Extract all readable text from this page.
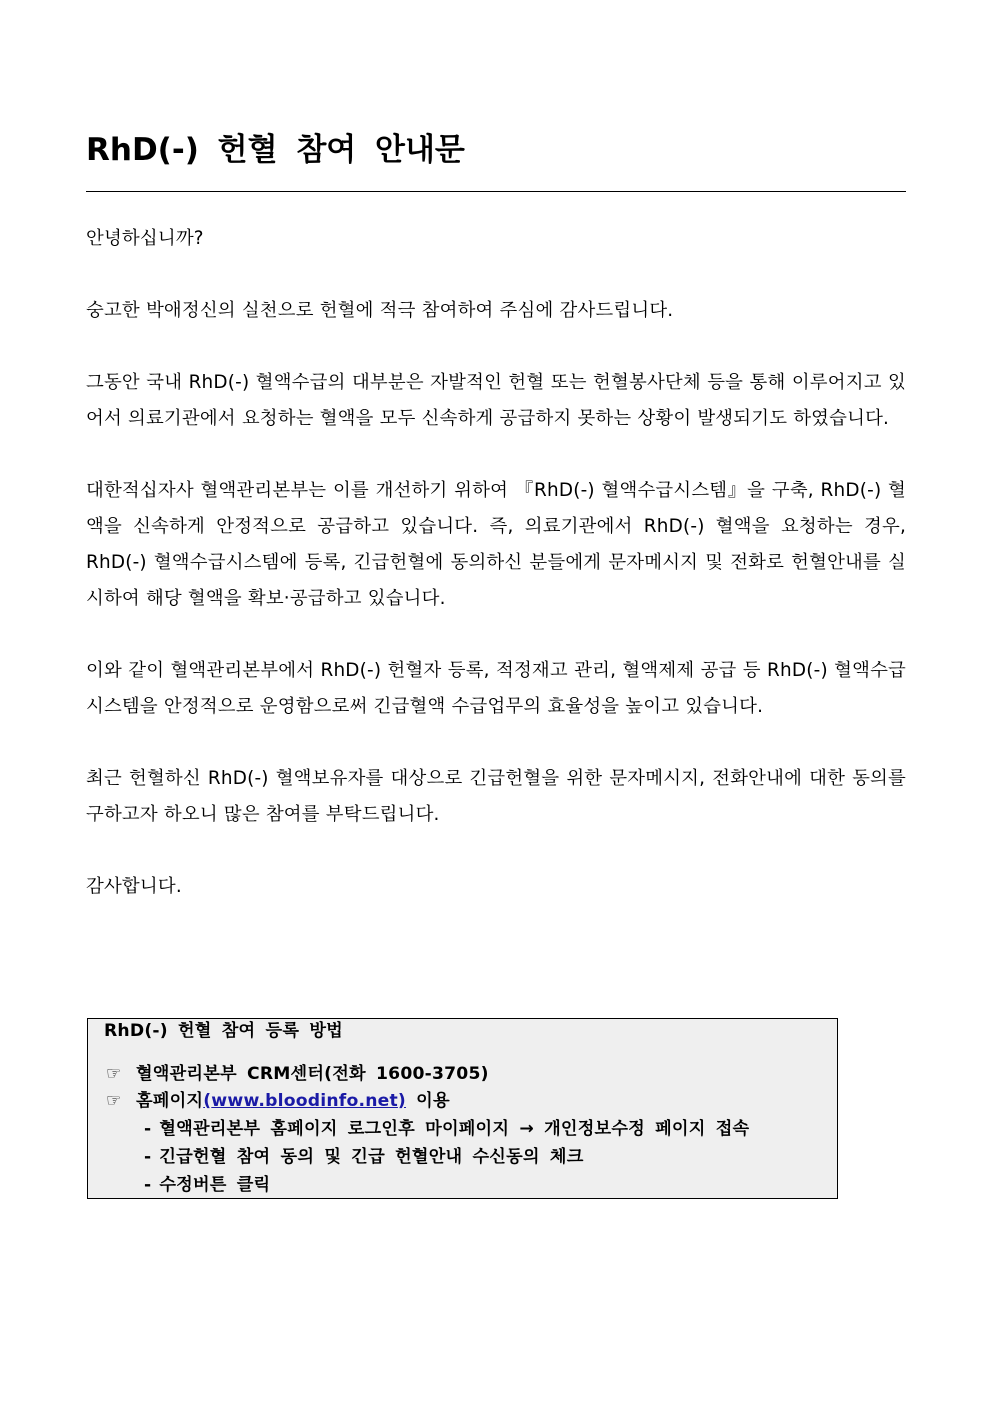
RhD(-) 헌혈 참여 안내문

안녕하십니까?

숭고한 박애정신의 실천으로 헌혈에 적극 참여하여 주심에 감사드립니다.

그동안 국내 RhD(-) 혈액수급의 대부분은 자발적인 헌혈 또는 헌혈봉사단체 등을 통해 이루어지고 있어서 의료기관에서 요청하는 혈액을 모두 신속하게 공급하지 못하는 상황이 발생되기도 하였습니다.

대한적십자사 혈액관리본부는 이를 개선하기 위하여 『RhD(-) 혈액수급시스템』을 구축, RhD(-) 혈액을 신속하게 안정적으로 공급하고 있습니다. 즉, 의료기관에서 RhD(-) 혈액을 요청하는 경우, RhD(-) 혈액수급시스템에 등록, 긴급헌혈에 동의하신 분들에게 문자메시지 및 전화로 헌혈안내를 실시하여 해당 혈액을 확보·공급하고 있습니다.

이와 같이 혈액관리본부에서 RhD(-) 헌혈자 등록, 적정재고 관리, 혈액제제 공급 등 RhD(-) 혈액수급시스템을 안정적으로 운영함으로써 긴급혈액 수급업무의 효율성을 높이고 있습니다.

최근 헌혈하신 RhD(-) 혈액보유자를 대상으로 긴급헌혈을 위한 문자메시지, 전화안내에 대한 동의를 구하고자 하오니 많은 참여를 부탁드립니다.

감사합니다.

RhD(-) 헌혈 참여 등록 방법
☞ 혈액관리본부 CRM센터(전화 1600-3705)
☞ 홈페이지(www.bloodinfo.net) 이용
- 혈액관리본부 홈페이지 로그인후 마이페이지 → 개인정보수정 페이지 접속
- 긴급헌혈 참여 동의 및 긴급 헌혈안내 수신동의 체크
- 수정버튼 클릭
